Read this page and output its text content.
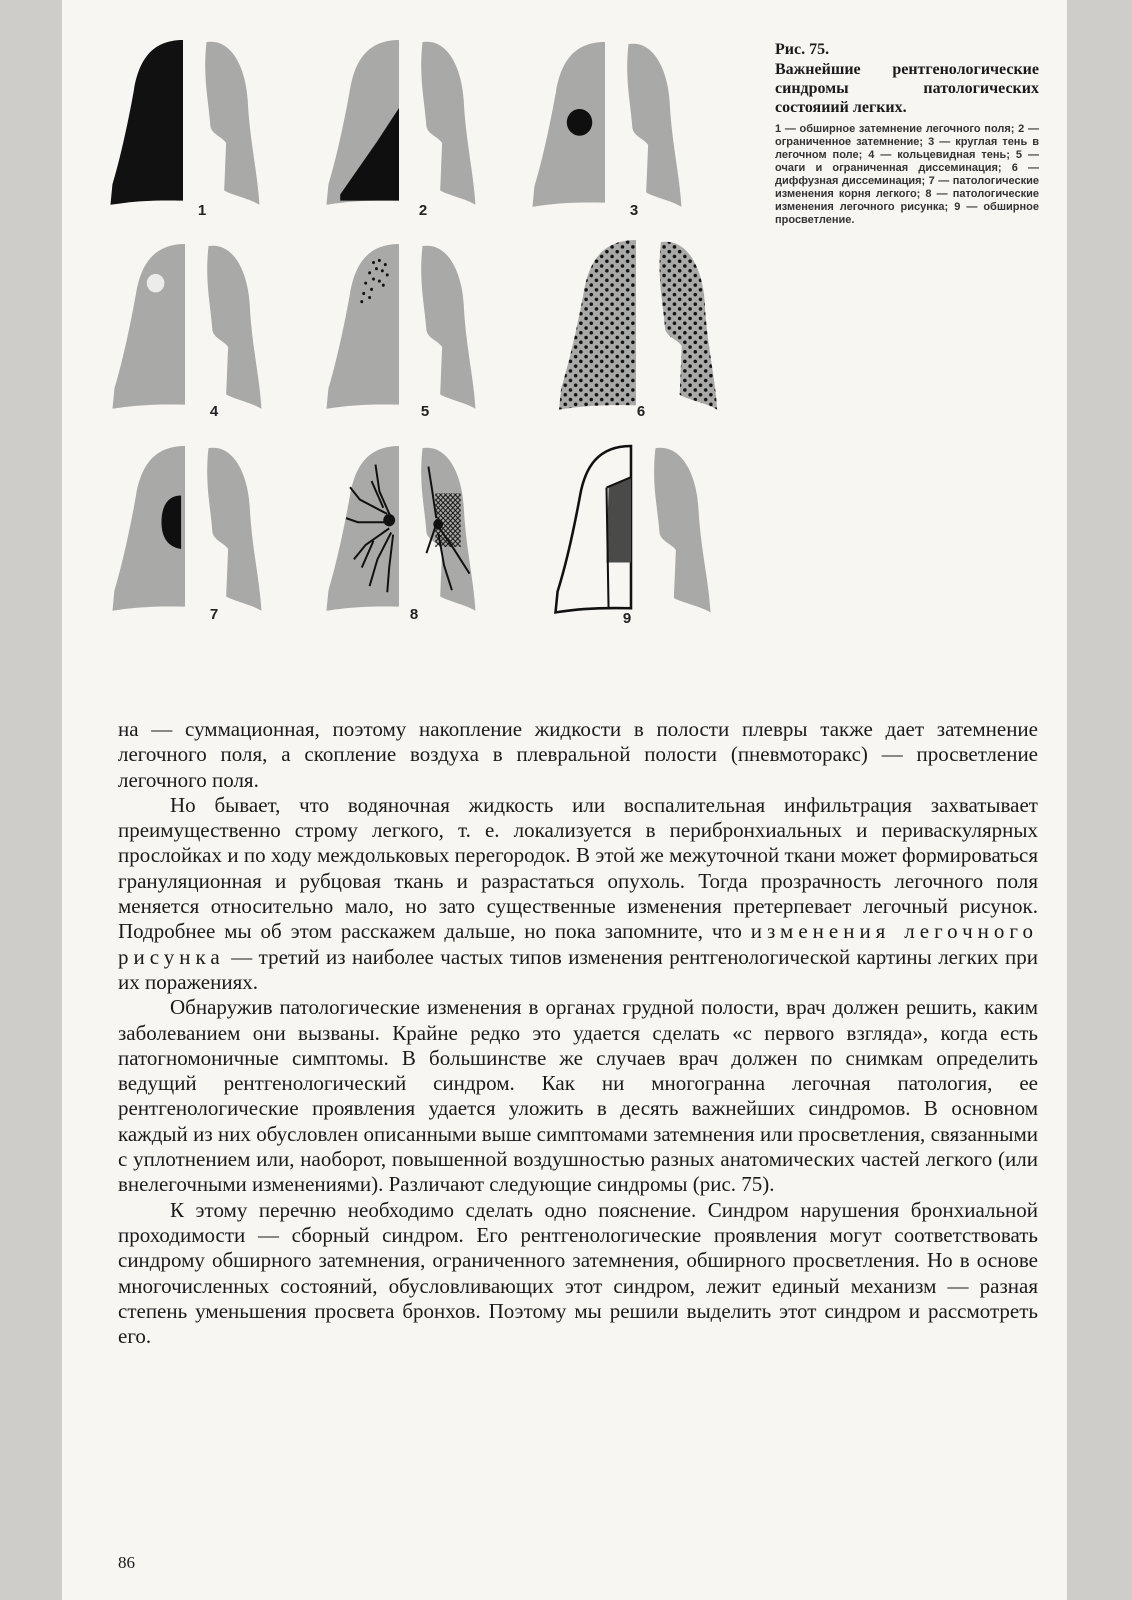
1	2	3
4	5	6
7	8	9
Рис. 75.
Важнейшие рентгенологические синдромы патологических состояиий легких.
1 — обширное затемнение легочного поля; 2 — ограниченное затемнение; 3 — круглая тень в легочном поле; 4 — кольцевидная тень; 5 — очаги и ограниченная диссеминация; 6 — диффузная диссеминация; 7 — патологические изменения корня легкого; 8 — патологические изменения легочного рисунка; 9 — обширное просветление.

на — суммационная, поэтому накопление жидкости в полости плевры также дает затемнение легочного поля, а скопление воздуха в плевральной полости (пневмоторакс) — просветление легочного поля.

Но бывает, что водяночная жидкость или воспалительная инфильтрация захватывает преимущественно строму легкого, т. е. локализуется в перибронхиальных и периваскулярных прослойках и по ходу междольковых перегородок. В этой же межуточной ткани может формироваться грануляционная и рубцовая ткань и разрастаться опухоль. Тогда прозрачность легочного поля меняется относительно мало, но зато существенные изменения претерпевает легочный рисунок. Подробнее мы об этом расскажем дальше, но пока запомните, что изменения легочного рисунка — третий из наиболее частых типов изменения рентгенологической картины легких при их поражениях.

Обнаружив патологические изменения в органах грудной полости, врач должен решить, каким заболеванием они вызваны. Крайне редко это удается сделать «с первого взгляда», когда есть патогномоничные симптомы. В большинстве же случаев врач должен по снимкам определить ведущий рентгенологический синдром. Как ни многогранна легочная патология, ее рентгенологические проявления удается уложить в десять важнейших синдромов. В основном каждый из них обусловлен описанными выше симптомами затемнения или просветления, связанными с уплотнением или, наоборот, повышенной воздушностью разных анатомических частей легкого (или внелегочными изменениями). Различают следующие синдромы (рис. 75).

К этому перечню необходимо сделать одно пояснение. Синдром нарушения бронхиальной проходимости — сборный синдром. Его рентгенологические проявления могут соответствовать синдрому обширного затемнения, ограниченного затемнения, обширного просветления. Но в основе многочисленных состояний, обусловливающих этот синдром, лежит единый механизм — разная степень уменьшения просвета бронхов. Поэтому мы решили выделить этот синдром и рассмотреть его.

86
